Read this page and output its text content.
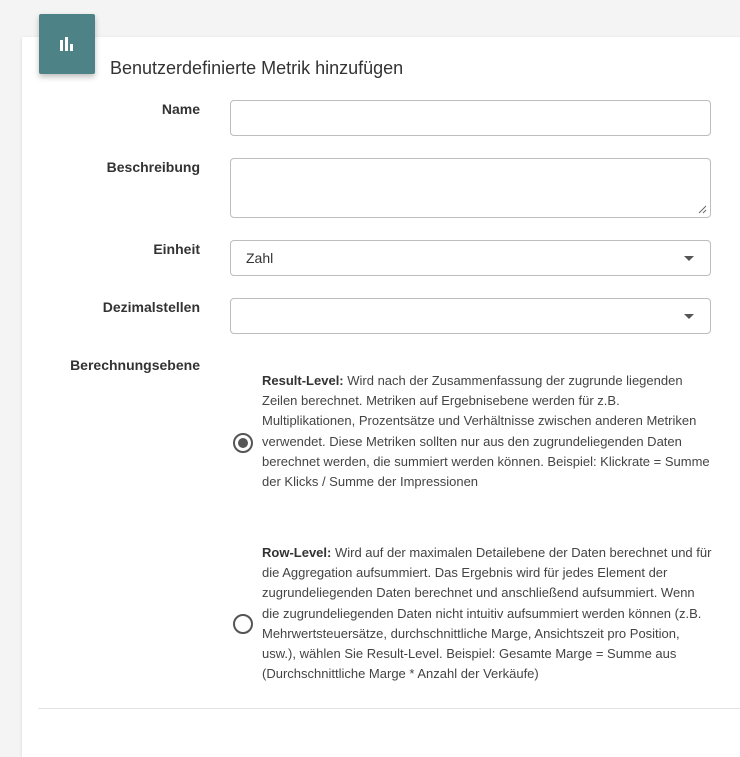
Benutzerdefinierte Metrik hinzufügen
Name
Beschreibung
Einheit
Zahl
Dezimalstellen
Berechnungsebene
Result-Level: Wird nach der Zusammenfassung der zugrunde liegenden Zeilen berechnet. Metriken auf Ergebnisebene werden für z.B. Multiplikationen, Prozentsätze und Verhältnisse zwischen anderen Metriken verwendet. Diese Metriken sollten nur aus den zugrundeliegenden Daten berechnet werden, die summiert werden können. Beispiel: Klickrate = Summe der Klicks / Summe der Impressionen
Row-Level: Wird auf der maximalen Detailebene der Daten berechnet und für die Aggregation aufsummiert. Das Ergebnis wird für jedes Element der zugrundeliegenden Daten berechnet und anschließend aufsummiert. Wenn die zugrundeliegenden Daten nicht intuitiv aufsummiert werden können (z.B. Mehrwertsteuersätze, durchschnittliche Marge, Ansichtszeit pro Position, usw.), wählen Sie Result-Level. Beispiel: Gesamte Marge = Summe aus (Durchschnittliche Marge * Anzahl der Verkäufe)
